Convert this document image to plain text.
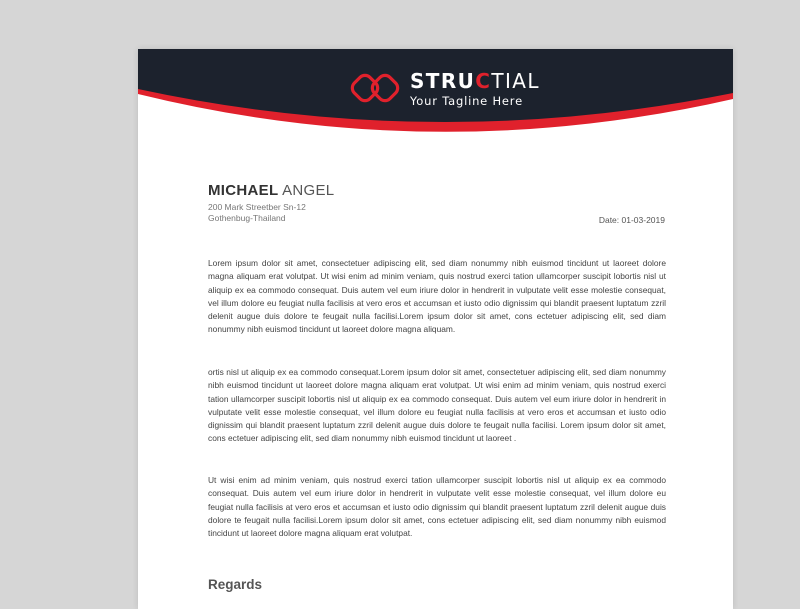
STRUCTIAL
Your Tagline Here
MICHAEL ANGEL
200 Mark Streetber Sn-12
Gothenbug-Thailand	Date: 01-03-2019

Lorem ipsum dolor sit amet, consectetuer adipiscing elit, sed diam nonummy nibh euismod tincidunt ut laoreet dolore magna aliquam erat volutpat. Ut wisi enim ad minim veniam, quis nostrud exerci tation ullamcorper suscipit lobortis nisl ut aliquip ex ea commodo consequat. Duis autem vel eum iriure dolor in hendrerit in vulputate velit esse molestie consequat, vel illum dolore eu feugiat nulla facilisis at vero eros et accumsan et iusto odio dignissim qui blandit praesent luptatum zzril delenit augue duis dolore te feugait nulla facilisi.Lorem ipsum dolor sit amet, cons ectetuer adipiscing elit, sed diam nonummy nibh euismod tincidunt ut laoreet dolore magna aliquam.

ortis nisl ut aliquip ex ea commodo consequat.Lorem ipsum dolor sit amet, consectetuer adipiscing elit, sed diam nonummy nibh euismod tincidunt ut laoreet dolore magna aliquam erat volutpat. Ut wisi enim ad minim veniam, quis nostrud exerci tation ullamcorper suscipit lobortis nisl ut aliquip ex ea commodo consequat. Duis autem vel eum iriure dolor in hendrerit in vulputate velit esse molestie consequat, vel illum dolore eu feugiat nulla facilisis at vero eros et accumsan et iusto odio dignissim qui blandit praesent luptatum zzril delenit augue duis dolore te feugait nulla facilisi. Lorem ipsum dolor sit amet, cons ectetuer adipiscing elit, sed diam nonummy nibh euismod tincidunt ut laoreet .

Ut wisi enim ad minim veniam, quis nostrud exerci tation ullamcorper suscipit lobortis nisl ut aliquip ex ea commodo consequat. Duis autem vel eum iriure dolor in hendrerit in vulputate velit esse molestie consequat, vel illum dolore eu feugiat nulla facilisis at vero eros et accumsan et iusto odio dignissim qui blandit praesent luptatum zzril delenit augue duis dolore te feugait nulla facilisi.Lorem ipsum dolor sit amet, cons ectetuer adipiscing elit, sed diam nonummy nibh euismod tincidunt ut laoreet dolore magna aliquam erat volutpat.

Regards
